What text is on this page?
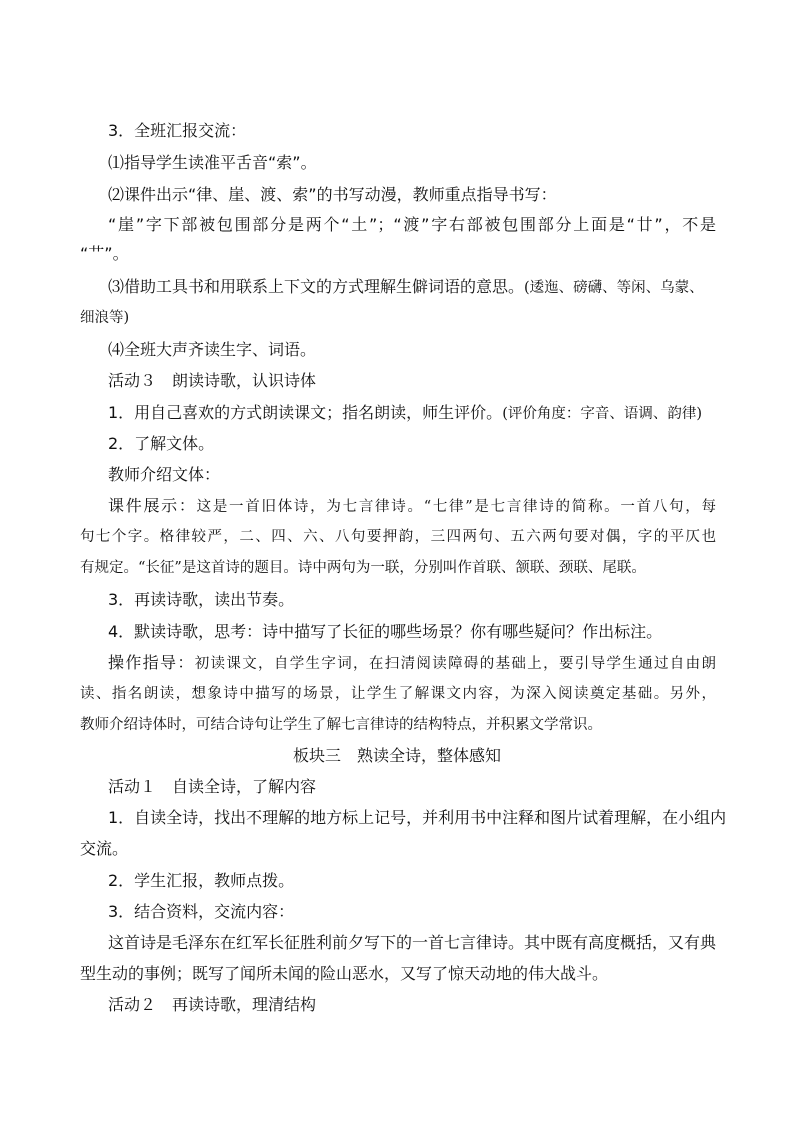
3．全班汇报交流：
⑴指导学生读准平舌音“索”。
⑵课件出示“律、崖、渡、索”的书写动漫，教师重点指导书写：
“崖”字下部被包围部分是两个“土”；“渡”字右部被包围部分上面是“廿”，不是
“艹”。
⑶借助工具书和用联系上下文的方式理解生僻词语的意思。(逶迤、磅礴、等闲、乌蒙、
细浪等)
⑷全班大声齐读生字、词语。
活动３　朗读诗歌，认识诗体
1．用自己喜欢的方式朗读课文；指名朗读，师生评价。(评价角度：字音、语调、韵律)
2．了解文体。
教师介绍文体：
课件展示：这是一首旧体诗，为七言律诗。“七律”是七言律诗的简称。一首八句，每
句七个字。格律较严，二、四、六、八句要押韵，三四两句、五六两句要对偶，字的平仄也
有规定。“长征”是这首诗的题目。诗中两句为一联，分别叫作首联、颔联、颈联、尾联。
3．再读诗歌，读出节奏。
4．默读诗歌，思考：诗中描写了长征的哪些场景？你有哪些疑问？作出标注。
操作指导：初读课文，自学生字词，在扫清阅读障碍的基础上，要引导学生通过自由朗
读、指名朗读，想象诗中描写的场景，让学生了解课文内容，为深入阅读奠定基础。另外，
教师介绍诗体时，可结合诗句让学生了解七言律诗的结构特点，并积累文学常识。
板块三　熟读全诗，整体感知
活动１　自读全诗，了解内容
1．自读全诗，找出不理解的地方标上记号，并利用书中注释和图片试着理解，在小组内
交流。
2．学生汇报，教师点拨。
3．结合资料，交流内容：
这首诗是毛泽东在红军长征胜利前夕写下的一首七言律诗。其中既有高度概括，又有典
型生动的事例；既写了闻所未闻的险山恶水，又写了惊天动地的伟大战斗。
活动２　再读诗歌，理清结构
